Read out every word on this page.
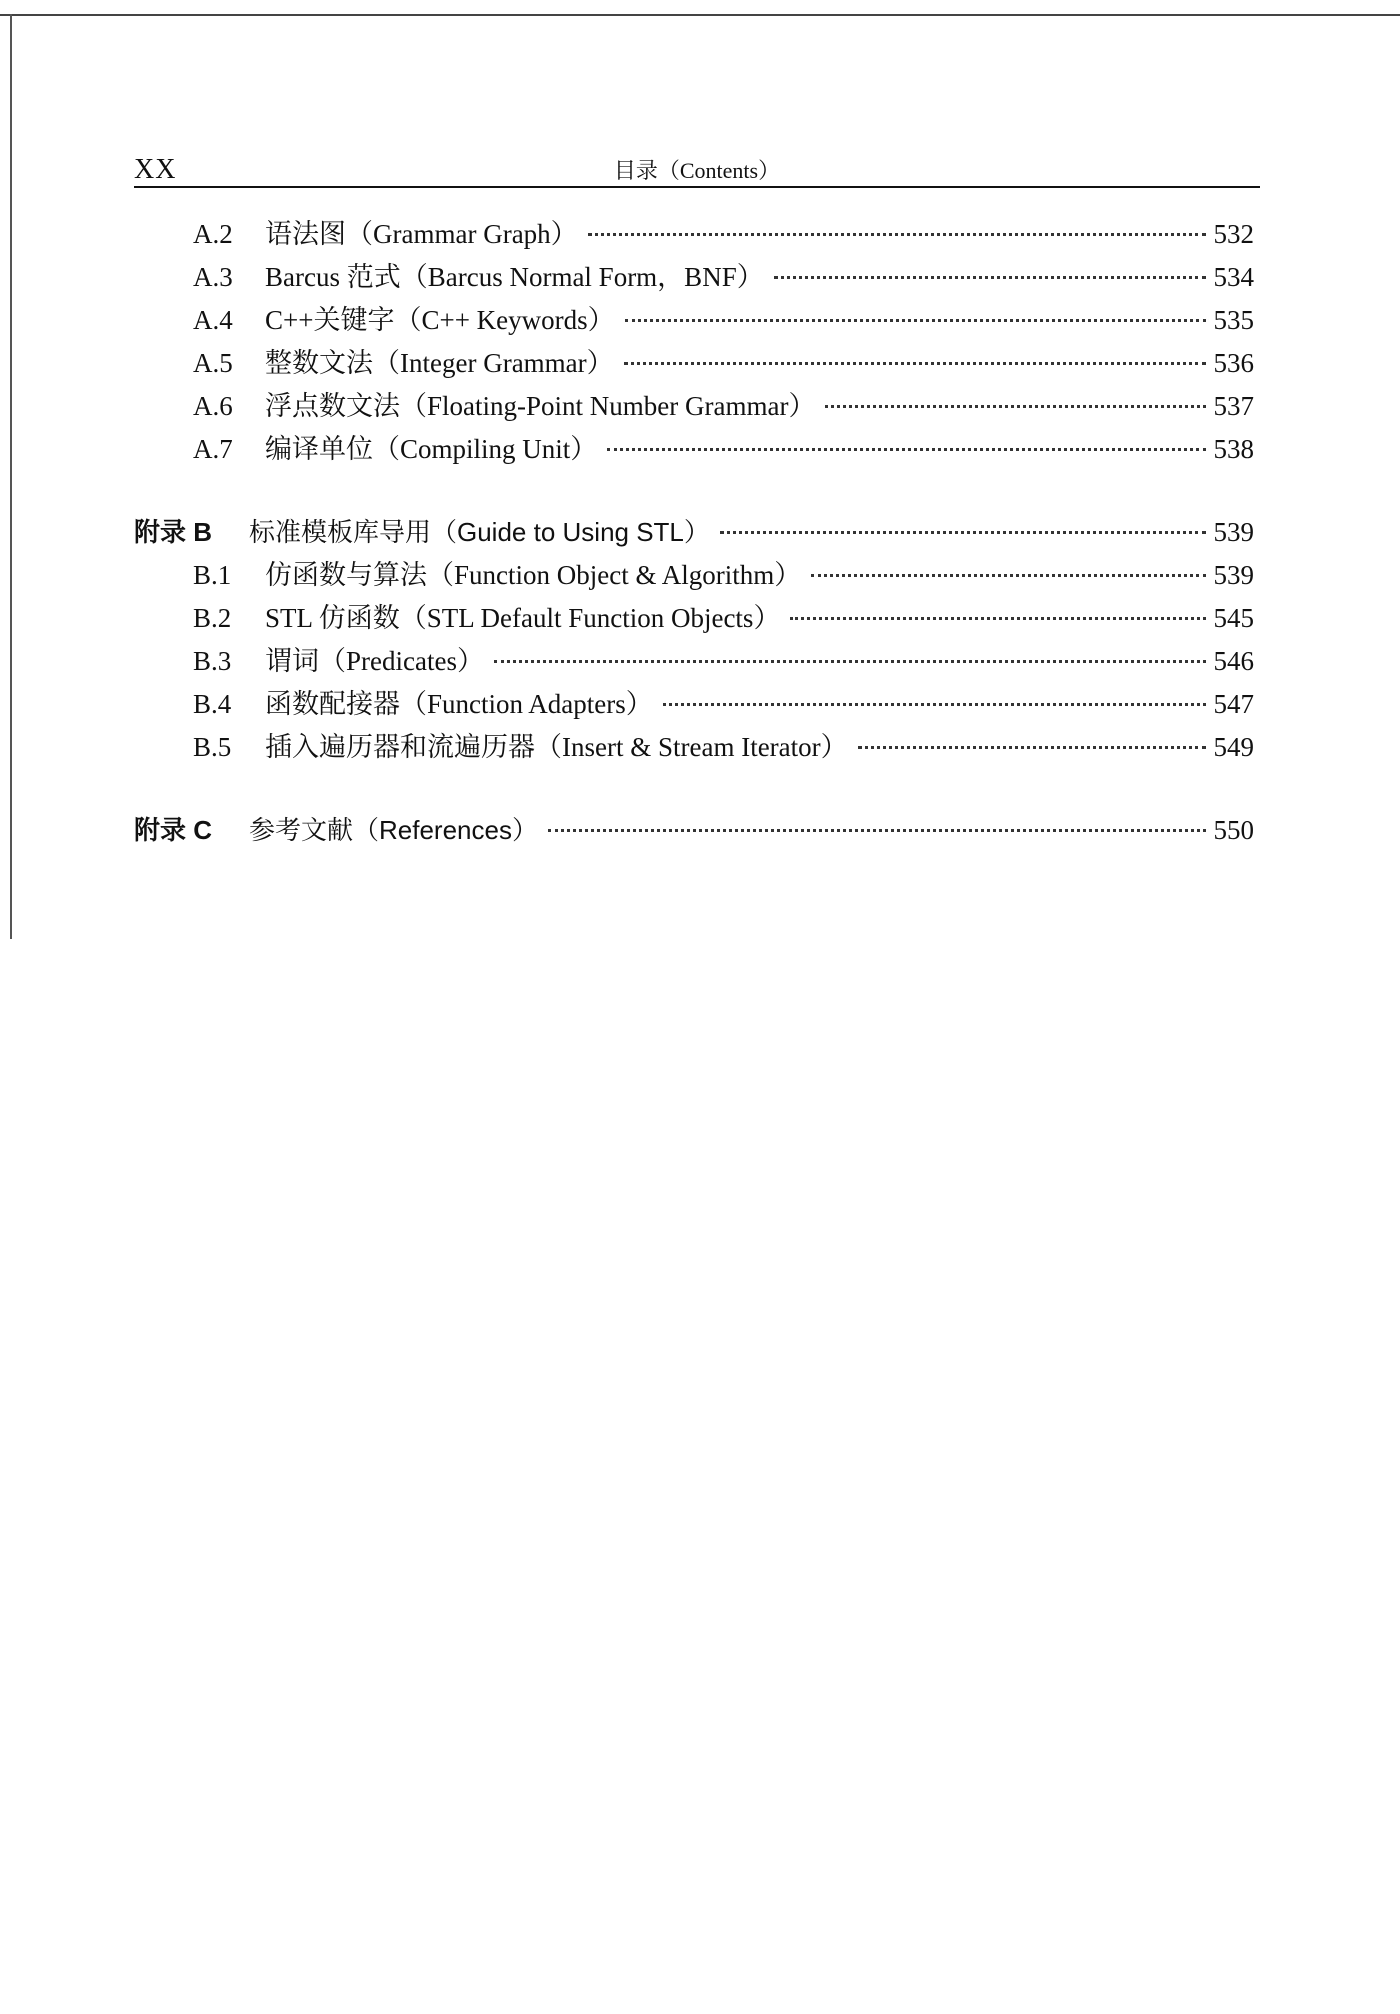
XX	目录（Contents）
A.2	语法图（Grammar Graph）	532
A.3	Barcus 范式（Barcus Normal Form，BNF）	534
A.4	C++关键字（C++ Keywords）	535
A.5	整数文法（Integer Grammar）	536
A.6	浮点数文法（Floating-Point Number Grammar）	537
A.7	编译单位（Compiling Unit）	538
附录 B	标准模板库导用（Guide to Using STL）	539
B.1	仿函数与算法（Function Object & Algorithm）	539
B.2	STL 仿函数（STL Default Function Objects）	545
B.3	谓词（Predicates）	546
B.4	函数配接器（Function Adapters）	547
B.5	插入遍历器和流遍历器（Insert & Stream Iterator）	549
附录 C	参考文献（References）	550
